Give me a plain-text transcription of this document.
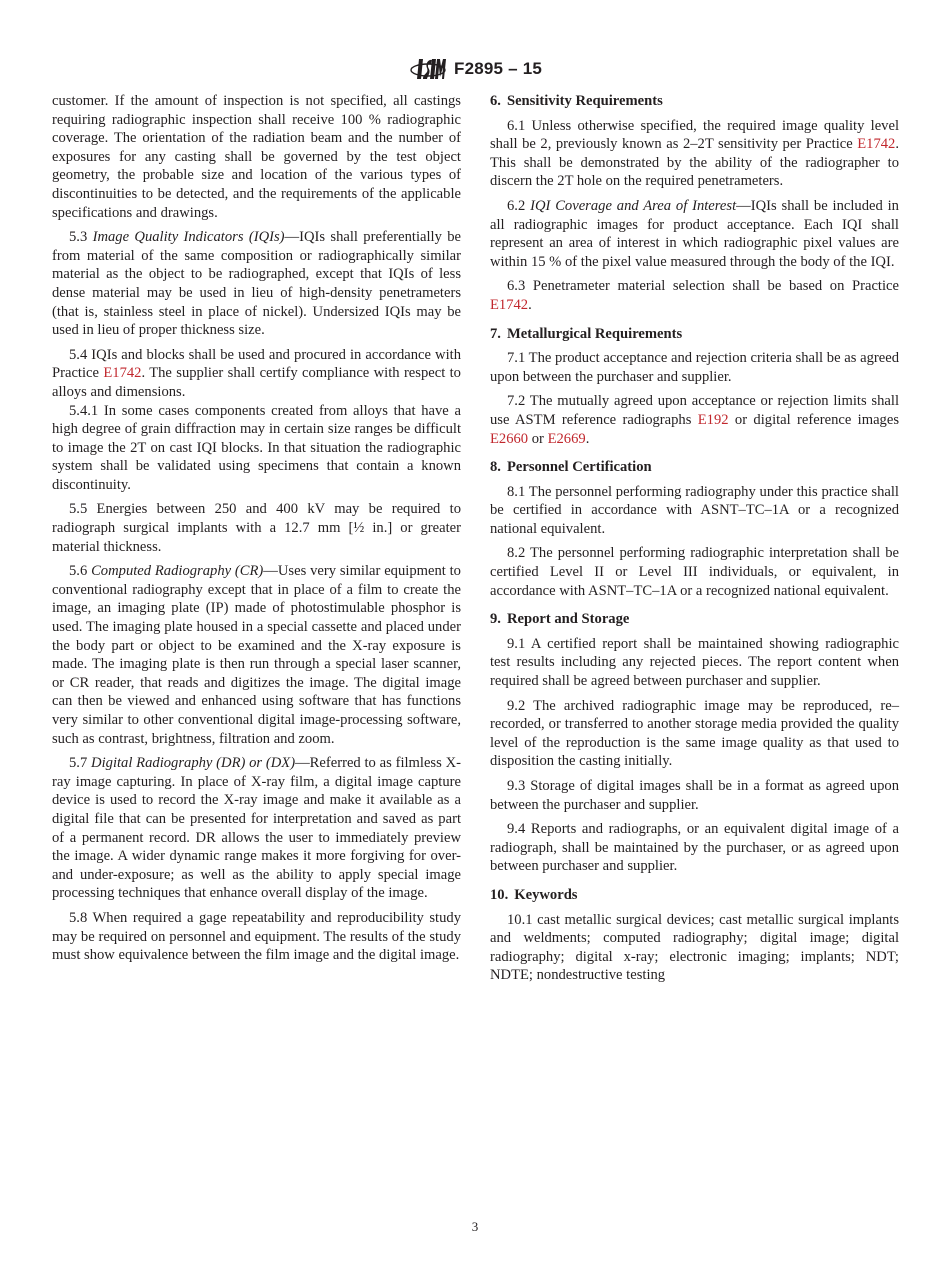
F2895 – 15

customer. If the amount of inspection is not specified, all castings requiring radiographic inspection shall receive 100 % radiographic coverage. The orientation of the radiation beam and the number of exposures for any casting shall be governed by the test object geometry, the probable size and location of the various types of discontinuities to be detected, and the requirements of the applicable specifications and drawings.

5.3 Image Quality Indicators (IQIs)—IQIs shall preferentially be from material of the same composition or radiographically similar material as the object to be radiographed, except that IQIs of less dense material may be used in lieu of high-density penetrameters (that is, stainless steel in place of nickel). Undersized IQIs may be used in lieu of proper thickness size.

5.4 IQIs and blocks shall be used and procured in accordance with Practice E1742. The supplier shall certify compliance with respect to alloys and dimensions.

5.4.1 In some cases components created from alloys that have a high degree of grain diffraction may in certain size ranges be difficult to image the 2T on cast IQI blocks. In that situation the radiographic system shall be validated using specimens that contain a known discontinuity.

5.5 Energies between 250 and 400 kV may be required to radiograph surgical implants with a 12.7 mm [½ in.] or greater material thickness.

5.6 Computed Radiography (CR)—Uses very similar equipment to conventional radiography except that in place of a film to create the image, an imaging plate (IP) made of photostimulable phosphor is used. The imaging plate housed in a special cassette and placed under the body part or object to be examined and the X-ray exposure is made. The imaging plate is then run through a special laser scanner, or CR reader, that reads and digitizes the image. The digital image can then be viewed and enhanced using software that has functions very similar to other conventional digital image-processing software, such as contrast, brightness, filtration and zoom.

5.7 Digital Radiography (DR) or (DX)—Referred to as filmless X-ray image capturing. In place of X-ray film, a digital image capture device is used to record the X-ray image and make it available as a digital file that can be presented for interpretation and saved as part of a permanent record. DR allows the user to immediately preview the image. A wider dynamic range makes it more forgiving for over- and under-exposure; as well as the ability to apply special image processing techniques that enhance overall display of the image.

5.8 When required a gage repeatability and reproducibility study may be required on personnel and equipment. The results of the study must show equivalence between the film image and the digital image.

6. Sensitivity Requirements

6.1 Unless otherwise specified, the required image quality level shall be 2, previously known as 2–2T sensitivity per Practice E1742. This shall be demonstrated by the ability of the radiographer to discern the 2T hole on the required penetrameters.

6.2 IQI Coverage and Area of Interest—IQIs shall be included in all radiographic images for product acceptance. Each IQI shall represent an area of interest in which radiographic pixel values are within 15 % of the pixel value measured through the body of the IQI.

6.3 Penetrameter material selection shall be based on Practice E1742.

7. Metallurgical Requirements

7.1 The product acceptance and rejection criteria shall be as agreed upon between the purchaser and supplier.

7.2 The mutually agreed upon acceptance or rejection limits shall use ASTM reference radiographs E192 or digital reference images E2660 or E2669.

8. Personnel Certification

8.1 The personnel performing radiography under this practice shall be certified in accordance with ASNT–TC–1A or a recognized national equivalent.

8.2 The personnel performing radiographic interpretation shall be certified Level II or Level III individuals, or equivalent, in accordance with ASNT–TC–1A or a recognized national equivalent.

9. Report and Storage

9.1 A certified report shall be maintained showing radiographic test results including any rejected pieces. The report content when required shall be agreed between purchaser and supplier.

9.2 The archived radiographic image may be reproduced, re–recorded, or transferred to another storage media provided the quality level of the reproduction is the same image quality as that used to disposition the casting initially.

9.3 Storage of digital images shall be in a format as agreed upon between the purchaser and supplier.

9.4 Reports and radiographs, or an equivalent digital image of a radiograph, shall be maintained by the purchaser, or as agreed upon between purchaser and supplier.

10. Keywords

10.1 cast metallic surgical devices; cast metallic surgical implants and weldments; computed radiography; digital image; digital radiography; digital x-ray; electronic imaging; implants; NDT; NDTE; nondestructive testing

3
